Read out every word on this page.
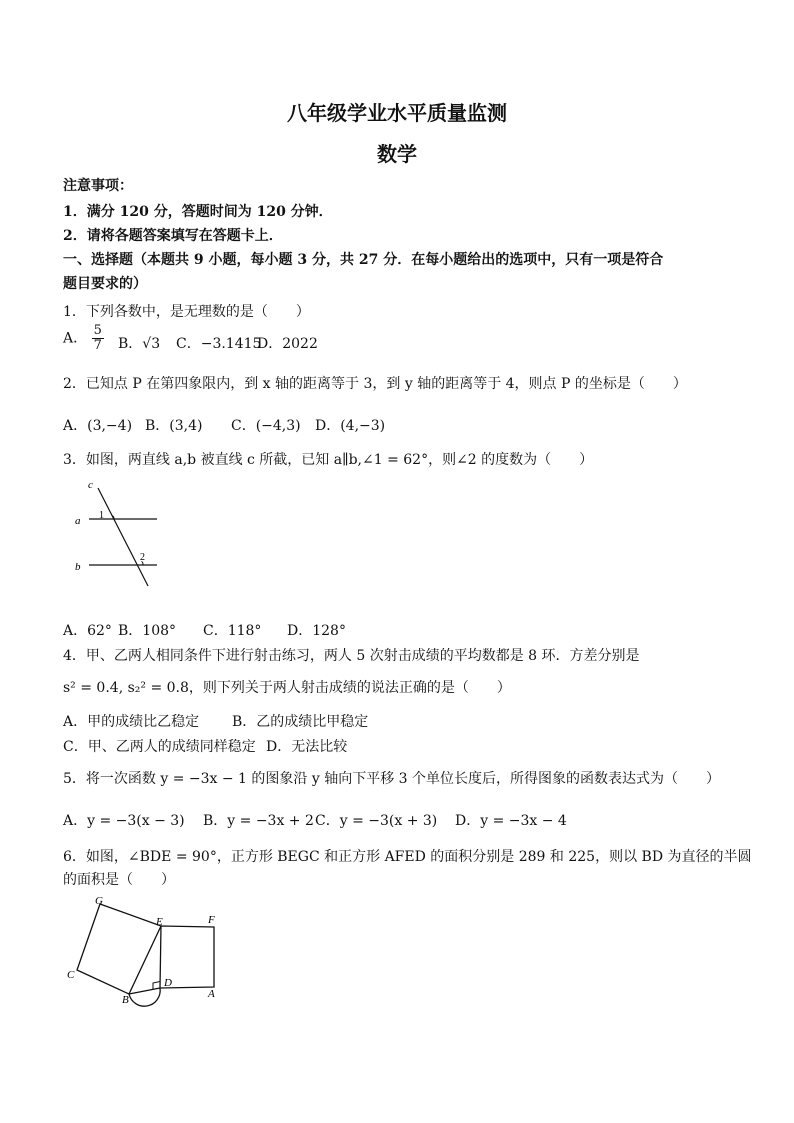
八年级学业水平质量监测
数学
注意事项：
1．满分 120 分，答题时间为 120 分钟．
2．请将各题答案填写在答题卡上．
一、选择题（本题共 9 小题，每小题 3 分，共 27 分．在每小题给出的选项中，只有一项是符合
题目要求的）
1．下列各数中，是无理数的是（　　）
A． $\frac{5}{7}$ B．√3 C．−3.1415
D．2022
2．已知点 P 在第四象限内，到 x 轴的距离等于 3，到 y 轴的距离等于 4，则点 P 的坐标是（　　）
A．(3,−4) B．(3,4) C．(−4,3) D．(4,−3)
3．如图，两直线 a,b 被直线 c 所截，已知 a∥b,∠1 = 62°，则∠2 的度数为（　　）
c
a
b
1
2
A．62° B．108° C．118° D．128°
4．甲、乙两人相同条件下进行射击练习，两人 5 次射击成绩的平均数都是 8 环．方差分别是
s² = 0.4, s₂² = 0.8，则下列关于两人射击成绩的说法正确的是（　　）
A．甲的成绩比乙稳定 B．乙的成绩比甲稳定
C．甲、乙两人的成绩同样稳定 D．无法比较
5．将一次函数 y = −3x − 1 的图象沿 y 轴向下平移 3 个单位长度后，所得图象的函数表达式为（　　）
A．y = −3(x − 3) B．y = −3x + 2 C．y = −3(x + 3) D．y = −3x − 4
6．如图，∠BDE = 90°，正方形 BEGC 和正方形 AFED 的面积分别是 289 和 225，则以 BD 为直径的半圆
的面积是（　　）
G
E	F
C
D
B	A
